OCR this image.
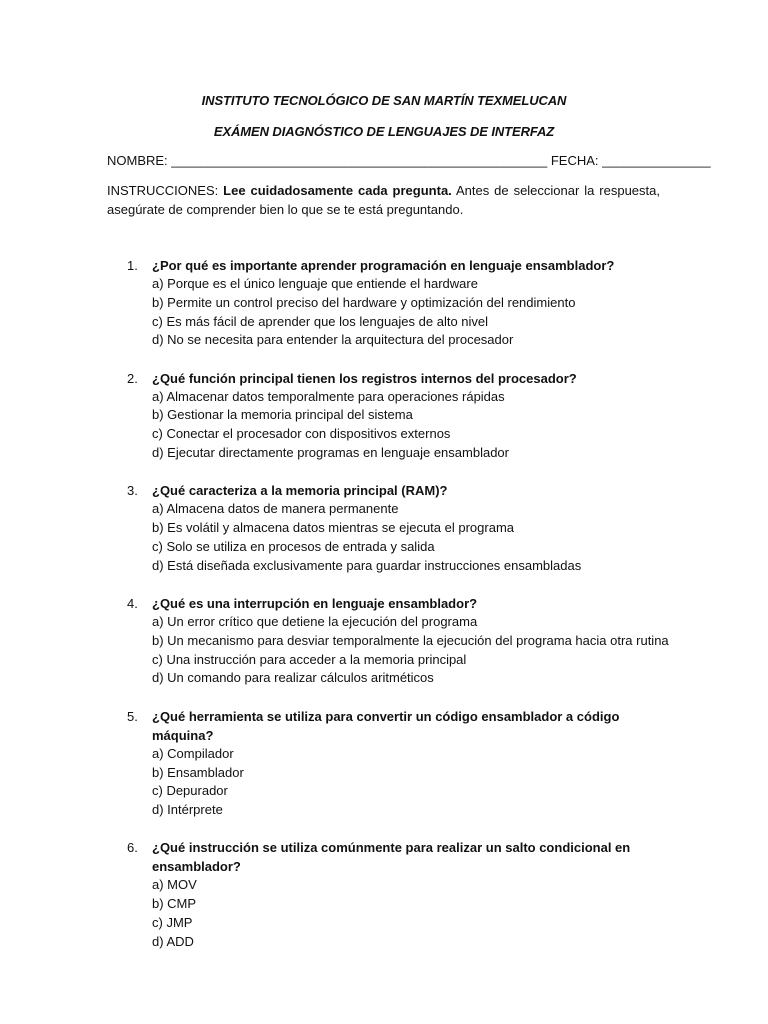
INSTITUTO TECNOLÓGICO DE SAN MARTÍN TEXMELUCAN
EXÁMEN DIAGNÓSTICO DE LENGUAJES DE INTERFAZ
NOMBRE: ____________________________________________________ FECHA: _______________
INSTRUCCIONES: Lee cuidadosamente cada pregunta. Antes de seleccionar la respuesta, asegúrate de comprender bien lo que se te está preguntando.
1. ¿Por qué es importante aprender programación en lenguaje ensamblador?
a) Porque es el único lenguaje que entiende el hardware
b) Permite un control preciso del hardware y optimización del rendimiento
c) Es más fácil de aprender que los lenguajes de alto nivel
d) No se necesita para entender la arquitectura del procesador
2. ¿Qué función principal tienen los registros internos del procesador?
a) Almacenar datos temporalmente para operaciones rápidas
b) Gestionar la memoria principal del sistema
c) Conectar el procesador con dispositivos externos
d) Ejecutar directamente programas en lenguaje ensamblador
3. ¿Qué caracteriza a la memoria principal (RAM)?
a) Almacena datos de manera permanente
b) Es volátil y almacena datos mientras se ejecuta el programa
c) Solo se utiliza en procesos de entrada y salida
d) Está diseñada exclusivamente para guardar instrucciones ensambladas
4. ¿Qué es una interrupción en lenguaje ensamblador?
a) Un error crítico que detiene la ejecución del programa
b) Un mecanismo para desviar temporalmente la ejecución del programa hacia otra rutina
c) Una instrucción para acceder a la memoria principal
d) Un comando para realizar cálculos aritméticos
5. ¿Qué herramienta se utiliza para convertir un código ensamblador a código máquina?
a) Compilador
b) Ensamblador
c) Depurador
d) Intérprete
6. ¿Qué instrucción se utiliza comúnmente para realizar un salto condicional en ensamblador?
a) MOV
b) CMP
c) JMP
d) ADD
